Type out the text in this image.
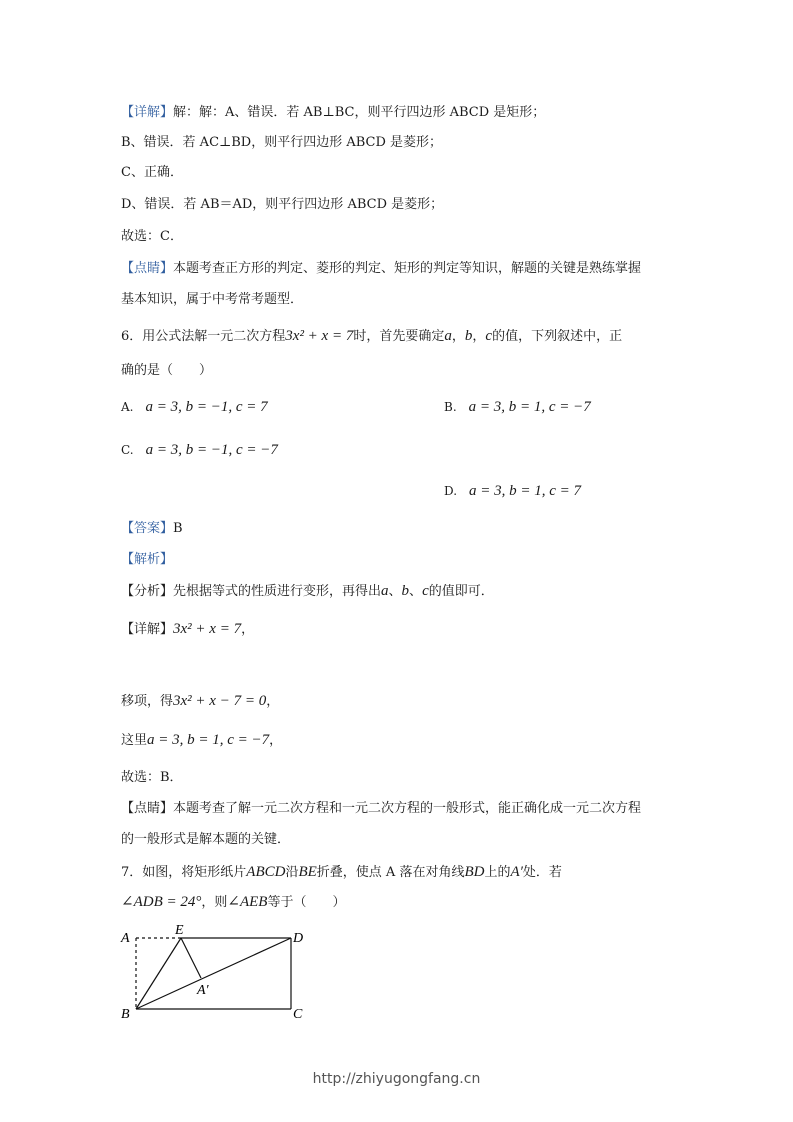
【详解】解：解：A、错误．若 AB⊥BC，则平行四边形 ABCD 是矩形；
B、错误．若 AC⊥BD，则平行四边形 ABCD 是菱形；
C、正确．
D、错误．若 AB＝AD，则平行四边形 ABCD 是菱形；
故选：C．
【点睛】本题考查正方形的判定、菱形的判定、矩形的判定等知识，解题的关键是熟练掌握
基本知识，属于中考常考题型．
6．用公式法解一元二次方程3x² + x = 7时，首先要确定a，b，c的值，下列叙述中，正
确的是（　　）
A. a = 3, b = −1, c = 7	B. a = 3, b = 1, c = −7
C. a = 3, b = −1, c = −7
D. a = 3, b = 1, c = 7
【答案】B
【解析】
【分析】先根据等式的性质进行变形，再得出a、b、c的值即可．
【详解】3x² + x = 7，
移项，得3x² + x − 7 = 0，
这里a = 3, b = 1, c = −7，
故选：B．
【点睛】本题考查了解一元二次方程和一元二次方程的一般形式，能正确化成一元二次方程
的一般形式是解本题的关键．
7．如图，将矩形纸片ABCD沿BE折叠，使点 A 落在对角线BD上的A′处．若
∠ADB = 24°，则∠AEB等于（　　）
A
E
D
A′
B	C
http://zhiyugongfang.cn
